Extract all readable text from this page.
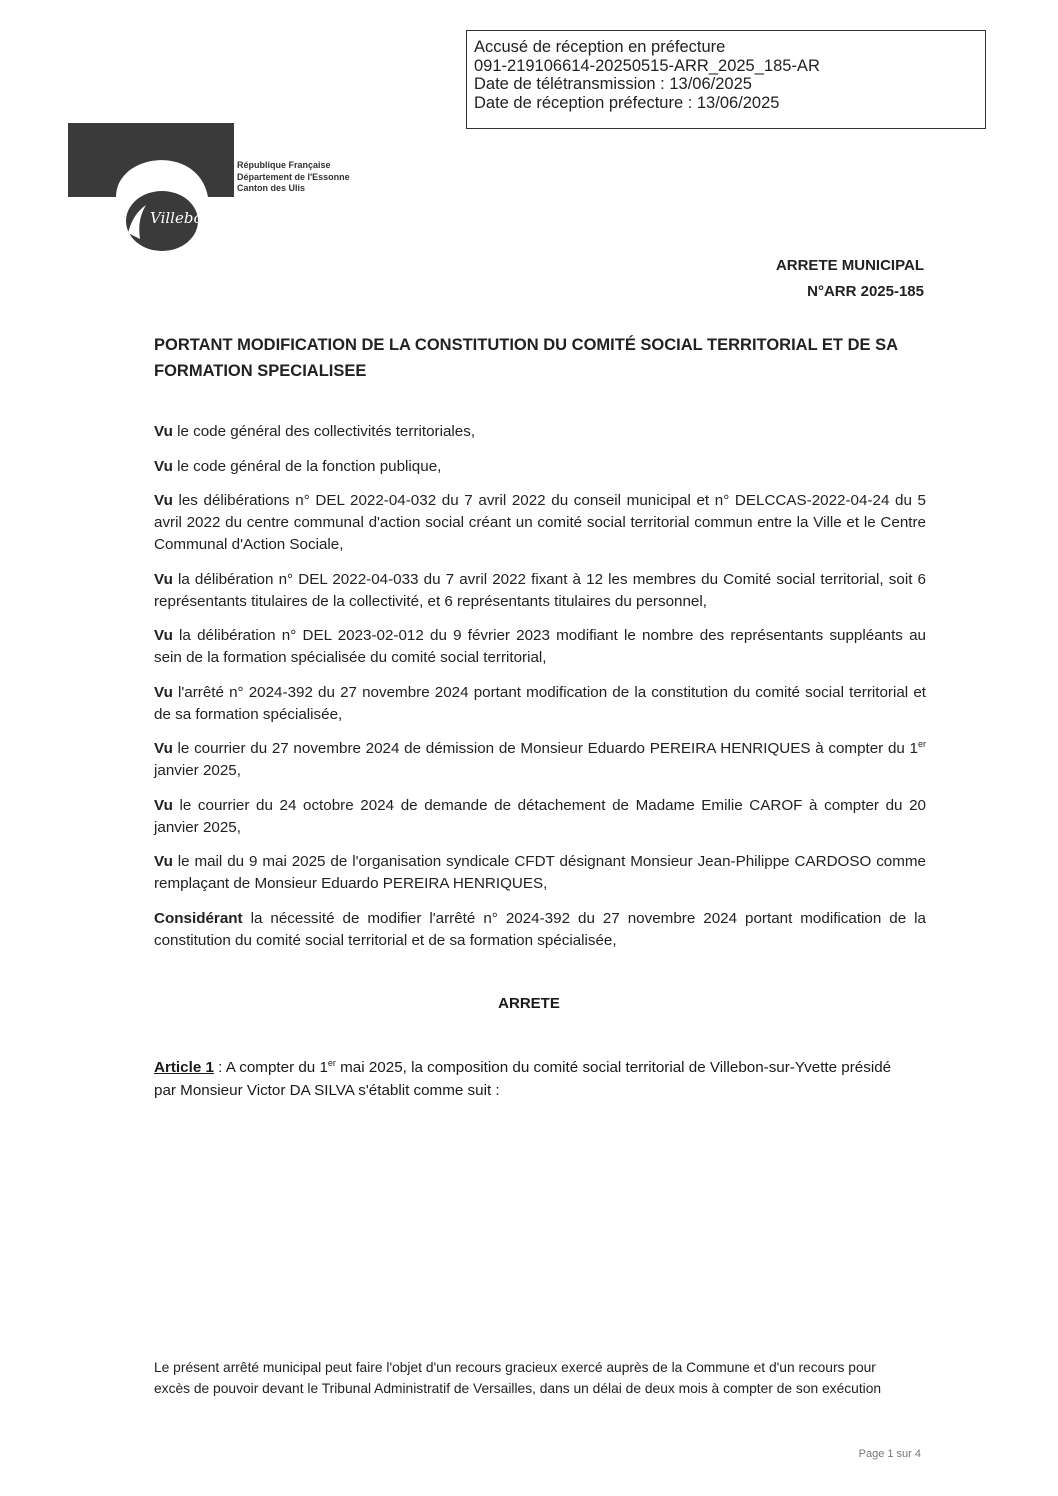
Accusé de réception en préfecture
091-219106614-20250515-ARR_2025_185-AR
Date de télétransmission : 13/06/2025
Date de réception préfecture : 13/06/2025
Villebon sur Yvette
République Française
Département de l'Essonne
Canton des Ulis
ARRETE MUNICIPAL
N°ARR 2025-185
PORTANT MODIFICATION DE LA CONSTITUTION DU COMITÉ SOCIAL TERRITORIAL ET DE SA FORMATION SPECIALISEE

Vu le code général des collectivités territoriales,

Vu le code général de la fonction publique,

Vu les délibérations n° DEL 2022-04-032 du 7 avril 2022 du conseil municipal et n° DELCCAS-2022-04-24 du 5 avril 2022 du centre communal d'action social créant un comité social territorial commun entre la Ville et le Centre Communal d'Action Sociale,

Vu la délibération n° DEL 2022-04-033 du 7 avril 2022 fixant à 12 les membres du Comité social territorial, soit 6 représentants titulaires de la collectivité, et 6 représentants titulaires du personnel,

Vu la délibération n° DEL 2023-02-012 du 9 février 2023 modifiant le nombre des représentants suppléants au sein de la formation spécialisée du comité social territorial,

Vu l'arrêté n° 2024-392 du 27 novembre 2024 portant modification de la constitution du comité social territorial et de sa formation spécialisée,

Vu le courrier du 27 novembre 2024 de démission de Monsieur Eduardo PEREIRA HENRIQUES à compter du 1er janvier 2025,

Vu le courrier du 24 octobre 2024 de demande de détachement de Madame Emilie CAROF à compter du 20 janvier 2025,

Vu le mail du 9 mai 2025 de l'organisation syndicale CFDT désignant Monsieur Jean-Philippe CARDOSO comme remplaçant de Monsieur Eduardo PEREIRA HENRIQUES,

Considérant la nécessité de modifier l'arrêté n° 2024-392 du 27 novembre 2024 portant modification de la constitution du comité social territorial et de sa formation spécialisée,

ARRETE
Article 1 : A compter du 1er mai 2025, la composition du comité social territorial de Villebon-sur-Yvette présidé par Monsieur Victor DA SILVA s'établit comme suit :
Le présent arrêté municipal peut faire l'objet d'un recours gracieux exercé auprès de la Commune et d'un recours pour excès de pouvoir devant le Tribunal Administratif de Versailles, dans un délai de deux mois à compter de son exécution
Page 1 sur 4
